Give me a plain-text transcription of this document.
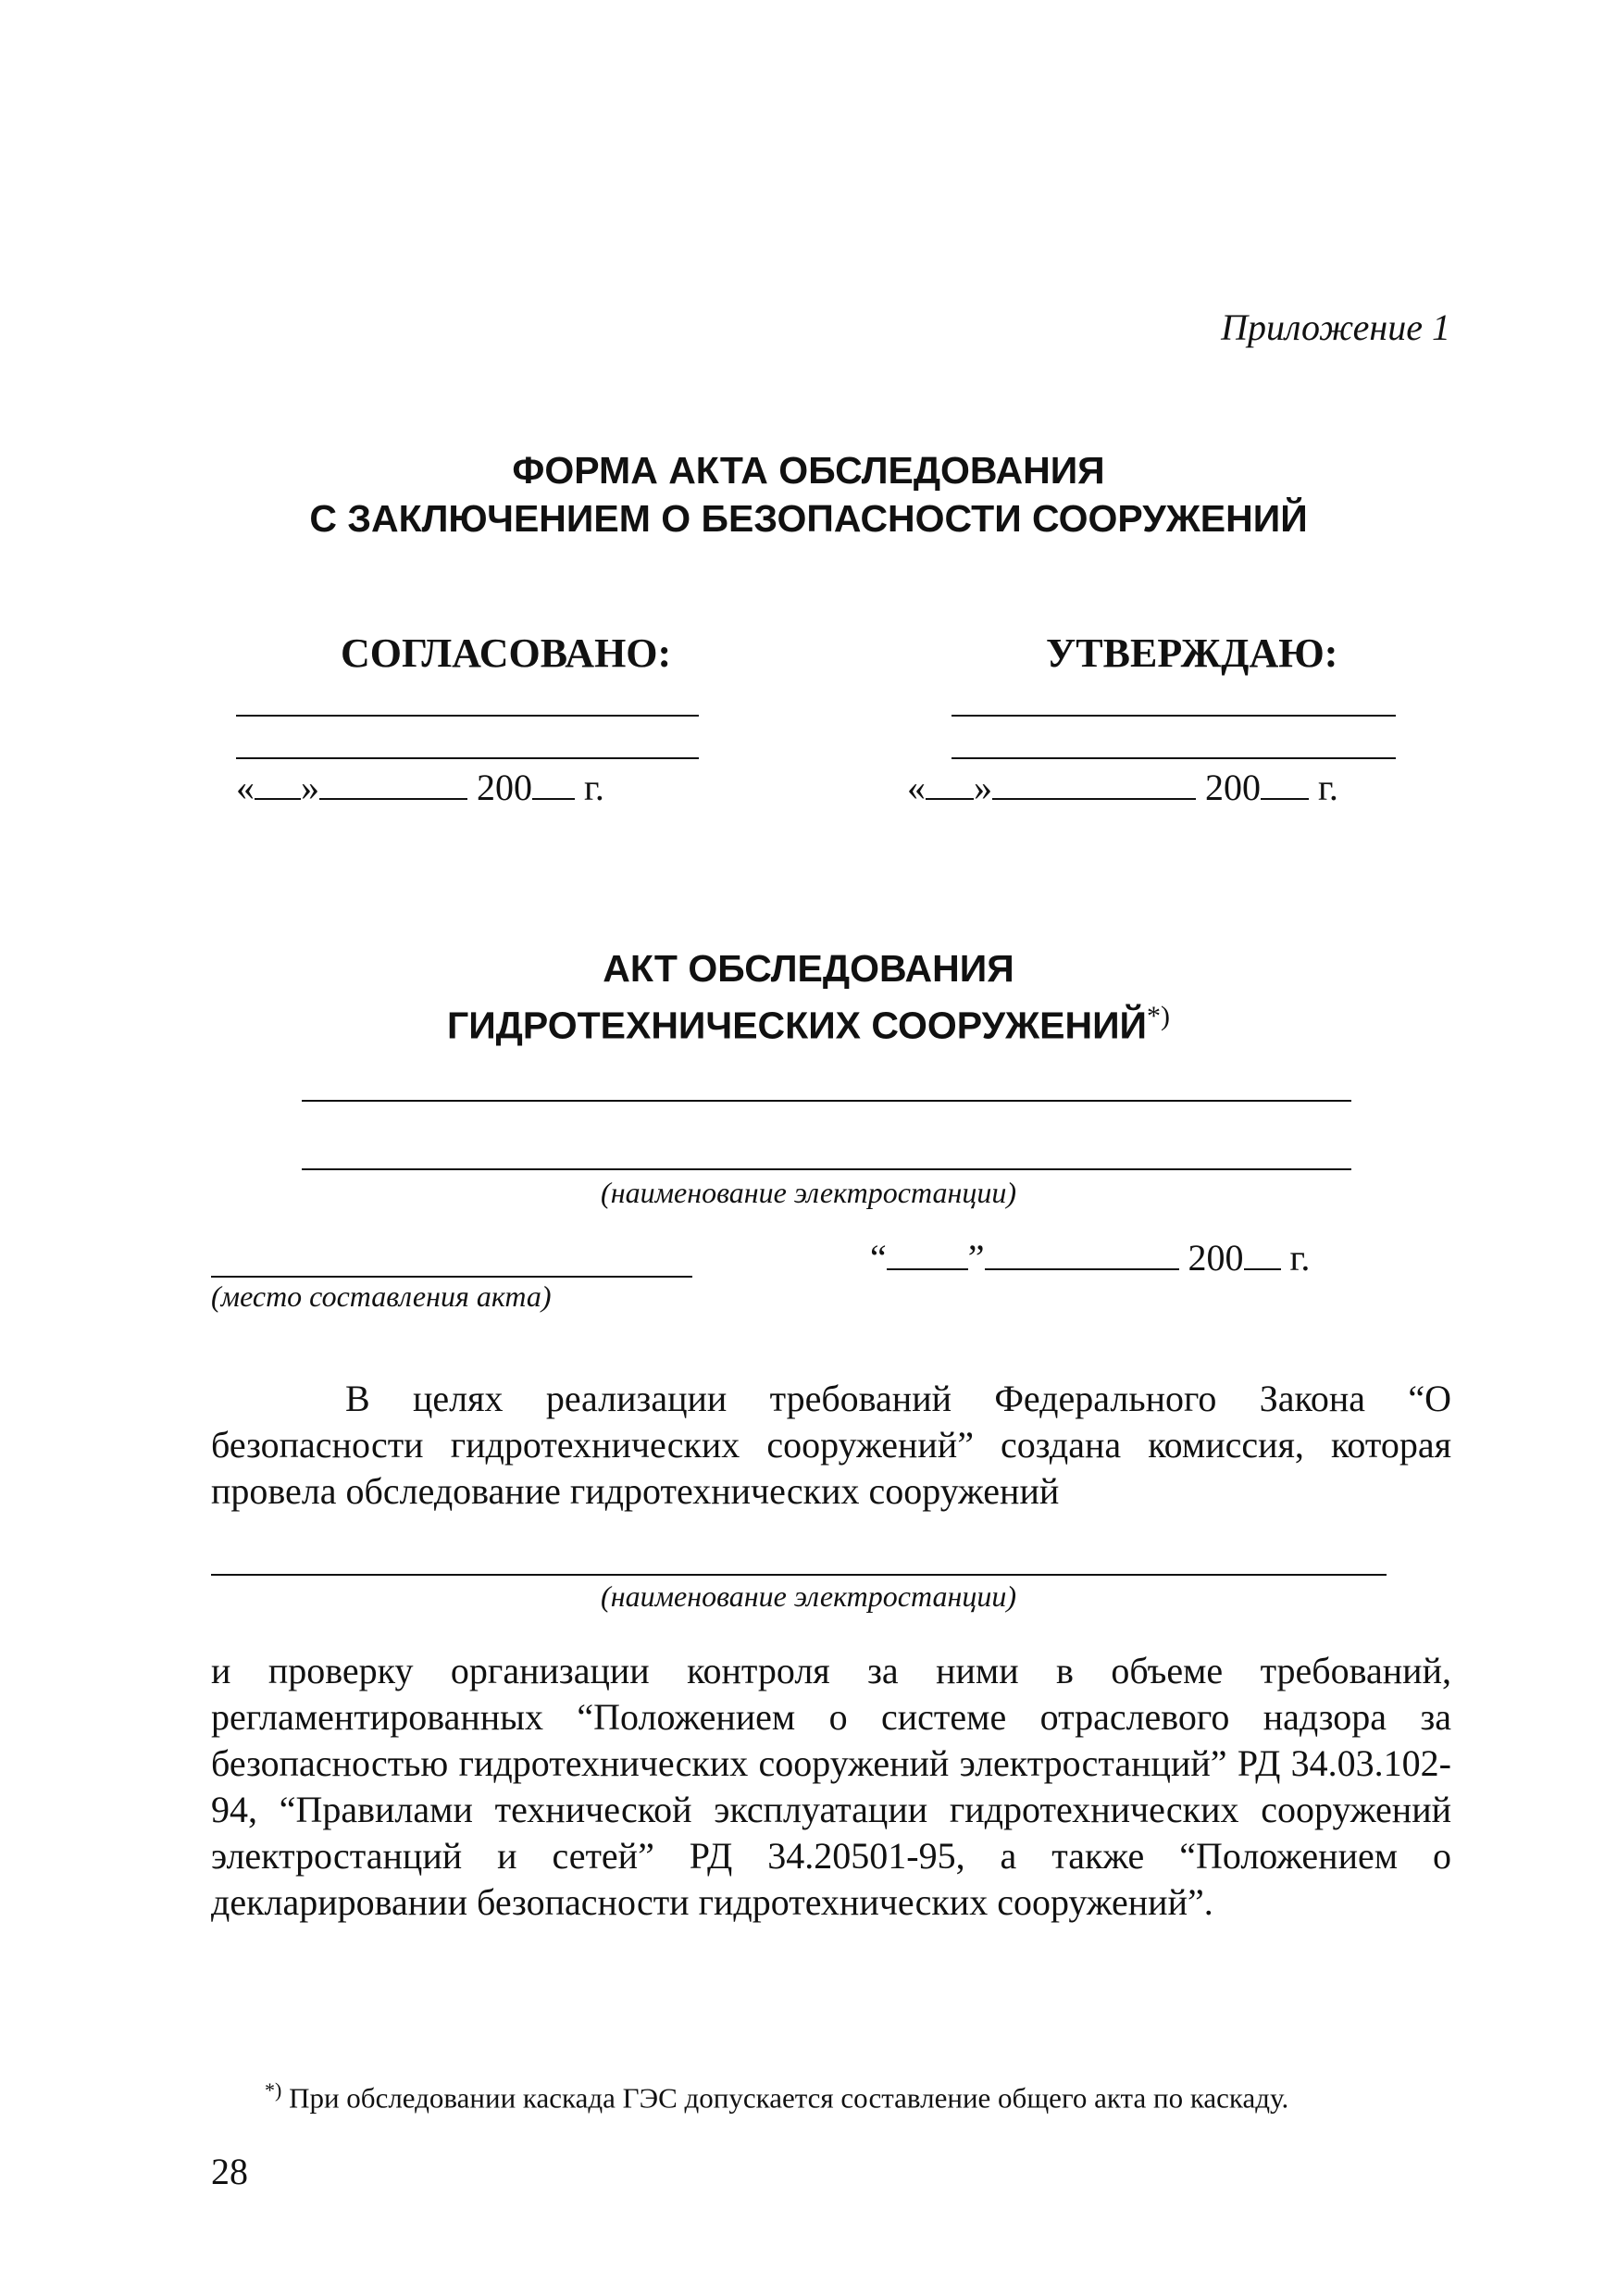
Приложение 1
ФОРМА АКТА ОБСЛЕДОВАНИЯ
С ЗАКЛЮЧЕНИЕМ О БЕЗОПАСНОСТИ СООРУЖЕНИЙ
СОГЛАСОВАНО:	УТВЕРЖДАЮ:
« »	200 г.	« »	200 г.
АКТ ОБСЛЕДОВАНИЯ
ГИДРОТЕХНИЧЕСКИХ СООРУЖЕНИЙ*)
(наименование электростанции)
(место составления акта)
“ ”	200 г.
В целях реализации требований Федерального Закона “О безопасности гидротехнических сооружений” создана комиссия, которая провела обследование гидротехнических сооружений
(наименование электростанции)
и проверку организации контроля за ними в объеме требований, регламентированных “Положением о системе отраслевого надзора за безопасностью гидротехнических сооружений электростанций” РД 34.03.102-94, “Правилами технической эксплуатации гидротехнических сооружений электростанций и сетей” РД 34.20501-95, а также “Положением о декларировании безопасности гидротехнических сооружений”.
*) При обследовании каскада ГЭС допускается составление общего акта по каскаду.
28
